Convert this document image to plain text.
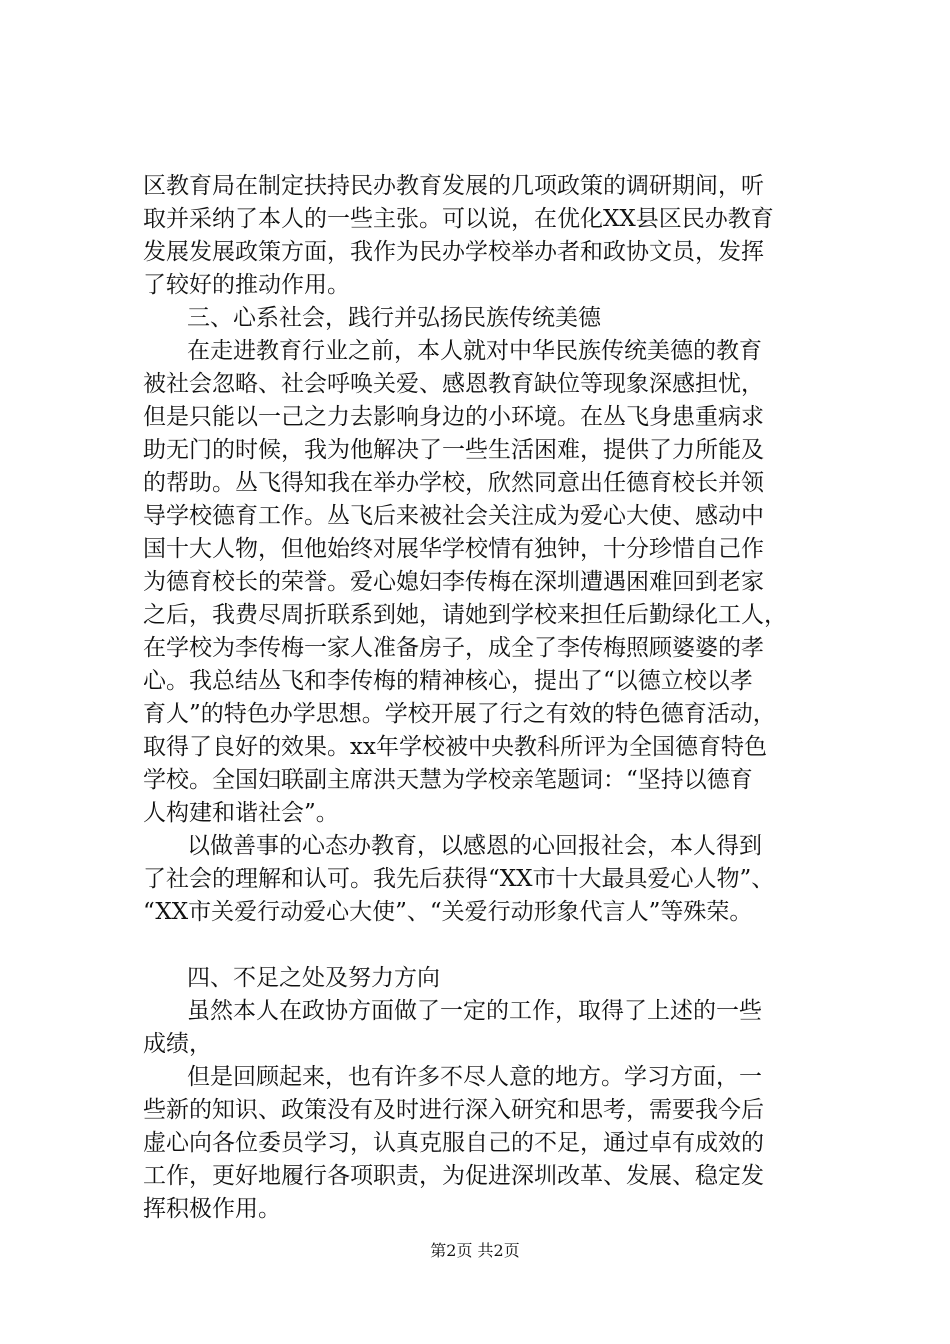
区教育局在制定扶持民办教育发展的几项政策的调研期间，听
取并采纳了本人的一些主张。可以说，在优化XX县区民办教育
发展发展政策方面，我作为民办学校举办者和政协文员，发挥
了较好的推动作用。
三、心系社会，践行并弘扬民族传统美德
在走进教育行业之前，本人就对中华民族传统美德的教育
被社会忽略、社会呼唤关爱、感恩教育缺位等现象深感担忧，
但是只能以一己之力去影响身边的小环境。在丛飞身患重病求
助无门的时候，我为他解决了一些生活困难，提供了力所能及
的帮助。丛飞得知我在举办学校，欣然同意出任德育校长并领
导学校德育工作。丛飞后来被社会关注成为爱心大使、感动中
国十大人物，但他始终对展华学校情有独钟，十分珍惜自己作
为德育校长的荣誉。爱心媳妇李传梅在深圳遭遇困难回到老家
之后，我费尽周折联系到她，请她到学校来担任后勤绿化工人，
在学校为李传梅一家人准备房子，成全了李传梅照顾婆婆的孝
心。我总结丛飞和李传梅的精神核心，提出了“以德立校以孝
育人”的特色办学思想。学校开展了行之有效的特色德育活动，
取得了良好的效果。xx年学校被中央教科所评为全国德育特色
学校。全国妇联副主席洪天慧为学校亲笔题词：“坚持以德育
人构建和谐社会”。
以做善事的心态办教育，以感恩的心回报社会，本人得到
了社会的理解和认可。我先后获得“XX市十大最具爱心人物”、
“XX市关爱行动爱心大使”、“关爱行动形象代言人”等殊荣。
四、不足之处及努力方向
虽然本人在政协方面做了一定的工作，取得了上述的一些
成绩，
但是回顾起来，也有许多不尽人意的地方。学习方面，一
些新的知识、政策没有及时进行深入研究和思考，需要我今后
虚心向各位委员学习，认真克服自己的不足，通过卓有成效的
工作，更好地履行各项职责，为促进深圳改革、发展、稳定发
挥积极作用。
第2页 共2页
